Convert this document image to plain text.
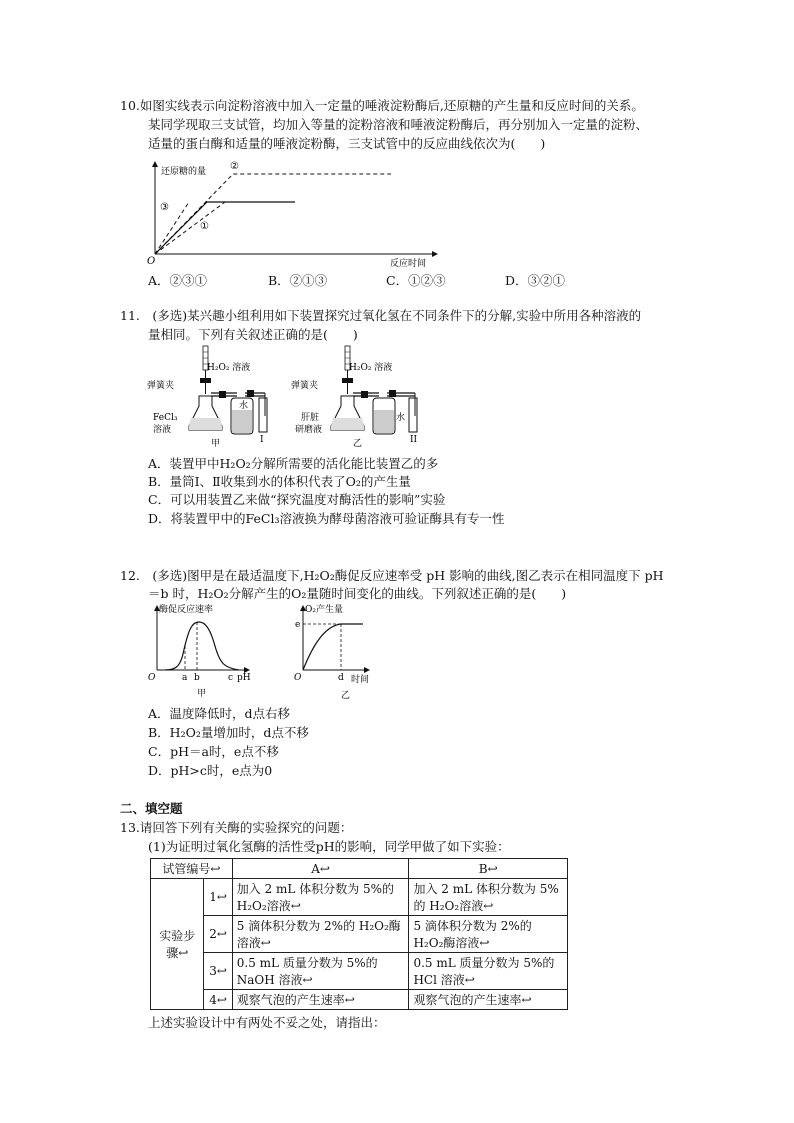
10.如图实线表示向淀粉溶液中加入一定量的唾液淀粉酶后,还原糖的产生量和反应时间的关系。
某同学现取三支试管，均加入等量的淀粉溶液和唾液淀粉酶后，再分别加入一定量的淀粉、
适量的蛋白酶和适量的唾液淀粉酶，三支试管中的反应曲线依次为(　　)
还原糖的量
反应时间
O
②
③
①
A．②③①	B．②①③	C．①②③	D．③②①
11.　(多选)某兴趣小组利用如下装置探究过氧化氢在不同条件下的分解,实验中所用各种溶液的
量相同。下列有关叙述正确的是(　　)
H₂O₂ 溶液
弹簧夹
FeCl₃
溶液
水
甲	I
H₂O₂ 溶液
弹簧夹
肝脏
研磨液
水
乙	II
A．装置甲中H₂O₂分解所需要的活化能比装置乙的多
B．量筒Ⅰ、Ⅱ收集到水的体积代表了O₂的产生量
C．可以用装置乙来做“探究温度对酶活性的影响”实验
D．将装置甲中的FeCl₃溶液换为酵母菌溶液可验证酶具有专一性
12.　(多选)图甲是在最适温度下,H₂O₂酶促反应速率受 pH 影响的曲线,图乙表示在相同温度下 pH
＝b 时，H₂O₂分解产生的O₂量随时间变化的曲线。下列叙述正确的是(　　)
酶促反应速率
O	a b	c pH
甲
O₂产生量
e
O	d 时间
乙
A．温度降低时，d点右移
B．H₂O₂量增加时，d点不移
C．pH＝a时，e点不移
D．pH>c时，e点为0
二、填空题
13.请回答下列有关酶的实验探究的问题：
(1)为证明过氧化氢酶的活性受pH的影响，同学甲做了如下实验：
试管编号↩		A↩	B↩
实验步骤↩	1↩	加入 2 mL 体积分数为 5%的 H₂O₂溶液↩	加入 2 mL 体积分数为 5%的 H₂O₂溶液↩
	2↩	5 滴体积分数为 2%的 H₂O₂酶溶液↩	5 滴体积分数为 2%的 H₂O₂酶溶液↩
	3↩	0.5 mL 质量分数为 5%的 NaOH 溶液↩	0.5 mL 质量分数为 5%的 HCl 溶液↩
	4↩	观察气泡的产生速率↩	观察气泡的产生速率↩
上述实验设计中有两处不妥之处，请指出：
